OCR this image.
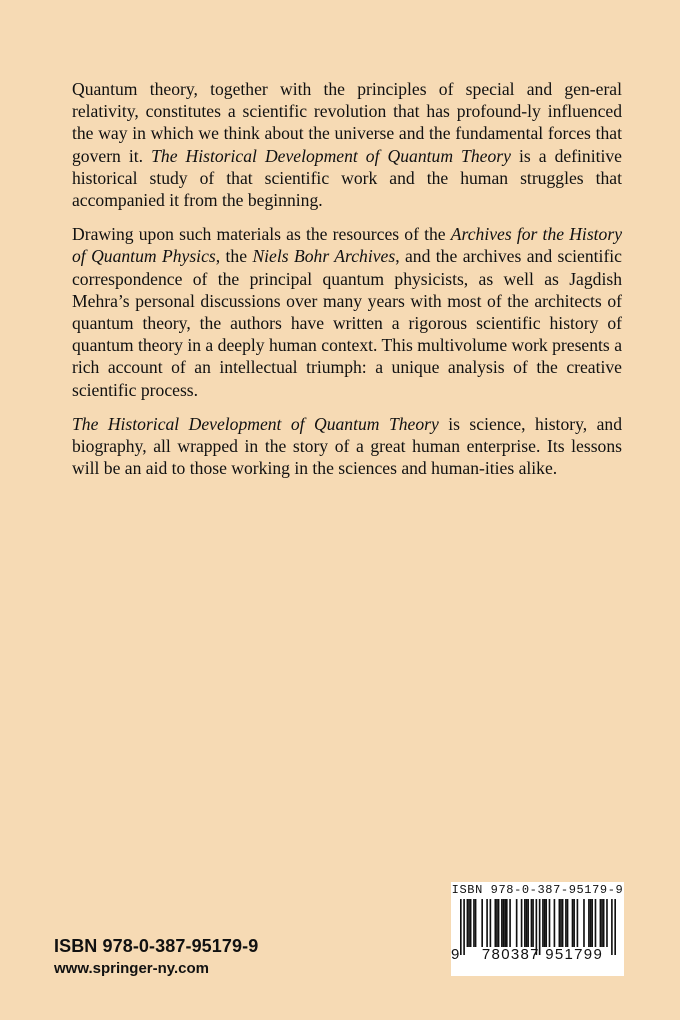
Quantum theory, together with the principles of special and gen-eral relativity, constitutes a scientific revolution that has profound-ly influenced the way in which we think about the universe and the fundamental forces that govern it. The Historical Development of Quantum Theory is a definitive historical study of that scientific work and the human struggles that accompanied it from the beginning.

Drawing upon such materials as the resources of the Archives for the History of Quantum Physics, the Niels Bohr Archives, and the archives and scientific correspondence of the principal quantum physicists, as well as Jagdish Mehra’s personal discussions over many years with most of the architects of quantum theory, the authors have written a rigorous scientific history of quantum theory in a deeply human context. This multivolume work presents a rich account of an intellectual triumph: a unique analysis of the creative scientific process.

The Historical Development of Quantum Theory is science, history, and biography, all wrapped in the story of a great human enterprise. Its lessons will be an aid to those working in the sciences and human-ities alike.

ISBN 978-0-387-95179-9
www.springer-ny.com
ISBN 978-0-387-95179-9
9	780387 951799
